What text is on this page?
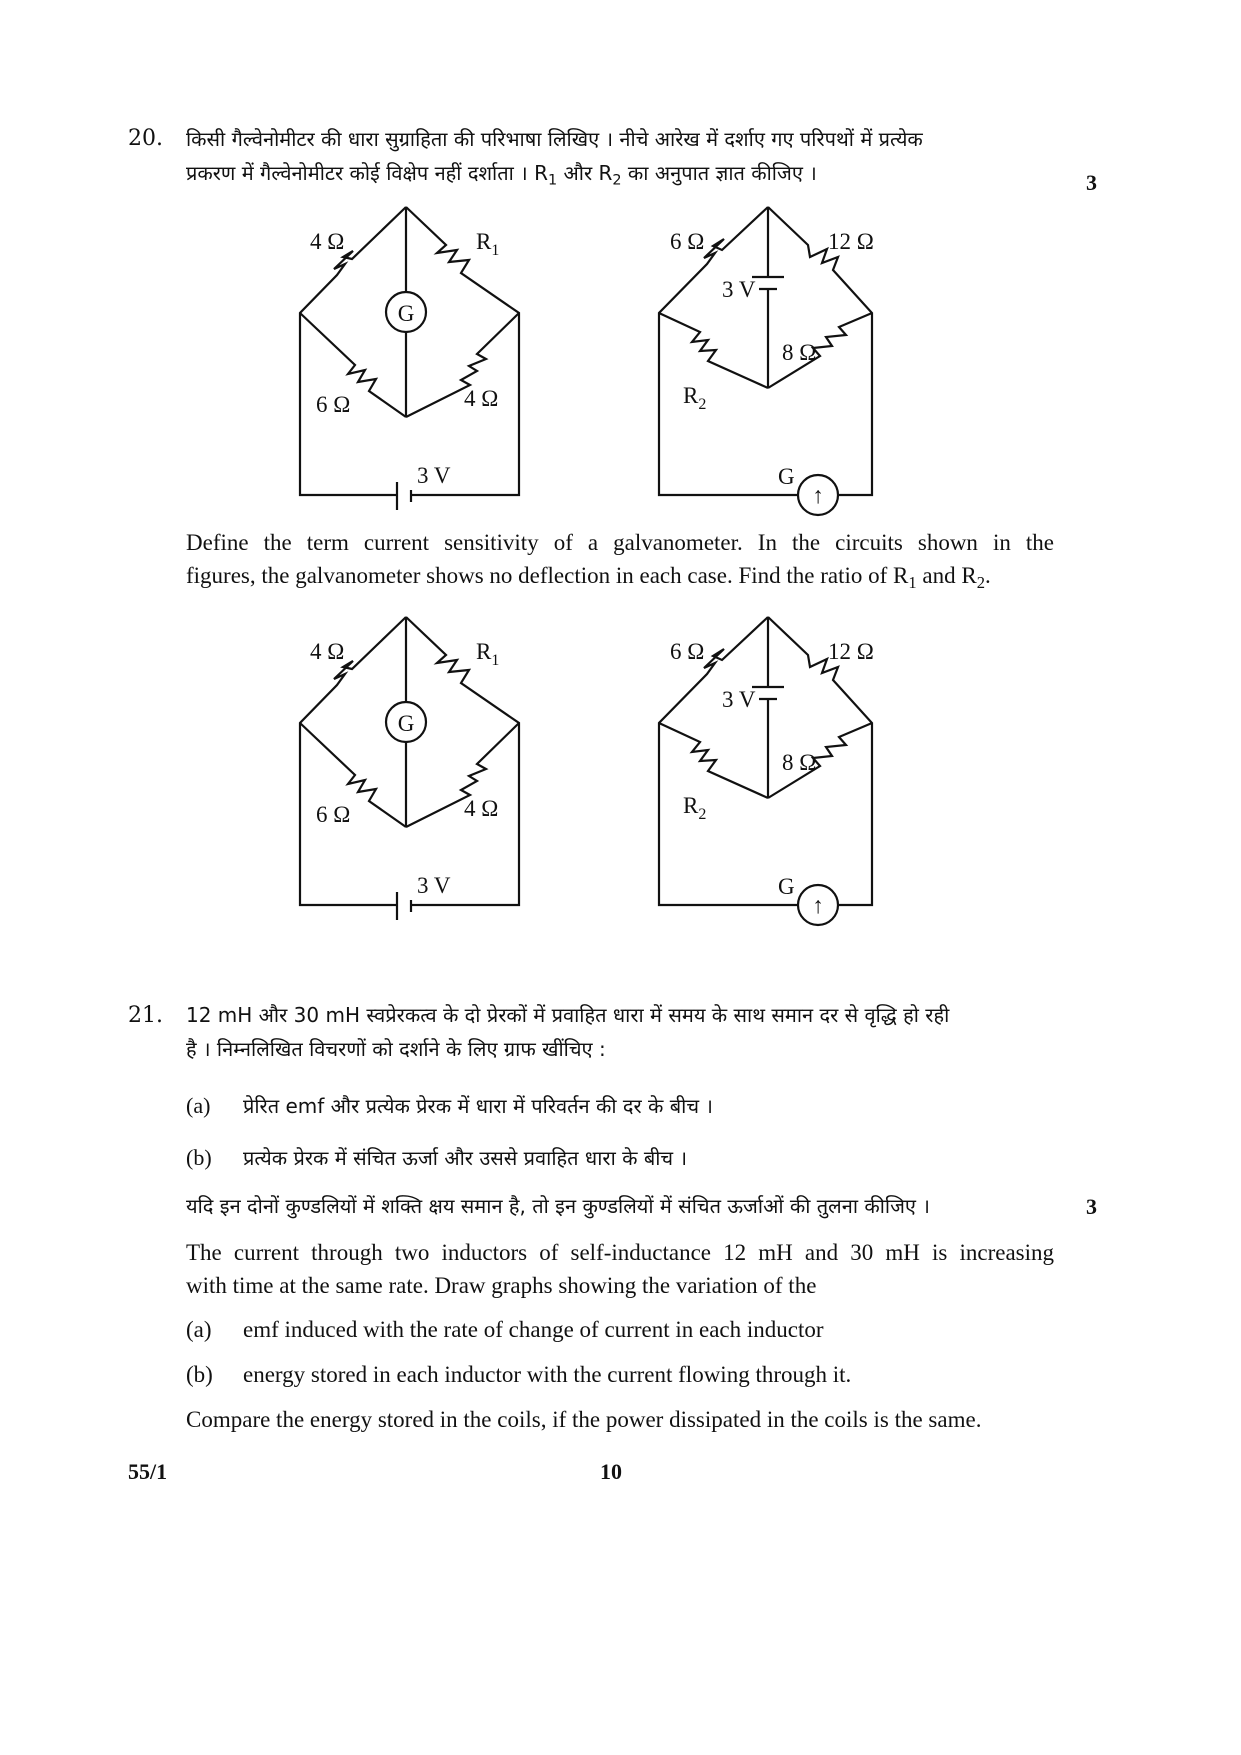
20. किसी गैल्वेनोमीटर की धारा सुग्राहिता की परिभाषा लिखिए । नीचे आरेख में दर्शाए गए परिपथों में प्रत्येक
प्रकरण में गैल्वेनोमीटर कोई विक्षेप नहीं दर्शाता । $R_1$ और $R_2$ का अनुपात ज्ञात कीजिए ।	3
G
4 Ω	$R_1$
6 Ω	4 Ω
3 V
↑
6 Ω	12 Ω
3 V
8 Ω
$R_2$
G
Define the term current sensitivity of a galvanometer. In the circuits shown in the
figures, the galvanometer shows no deflection in each case. Find the ratio of $R_1$ and $R_2$.
G
4 Ω	$R_1$
6 Ω	4 Ω
3 V
↑
6 Ω	12 Ω
3 V
8 Ω
$R_2$
G
21. 12 mH और 30 mH स्वप्रेरकत्व के दो प्रेरकों में प्रवाहित धारा में समय के साथ समान दर से वृद्धि हो रही
है । निम्नलिखित विचरणों को दर्शाने के लिए ग्राफ खींचिए :
(a) प्रेरित emf और प्रत्येक प्रेरक में धारा में परिवर्तन की दर के बीच ।
(b) प्रत्येक प्रेरक में संचित ऊर्जा और उससे प्रवाहित धारा के बीच ।
यदि इन दोनों कुण्डलियों में शक्ति क्षय समान है, तो इन कुण्डलियों में संचित ऊर्जाओं की तुलना कीजिए ।	3
The current through two inductors of self-inductance 12 mH and 30 mH is increasing
with time at the same rate. Draw graphs showing the variation of the
(a) emf induced with the rate of change of current in each inductor
(b) energy stored in each inductor with the current flowing through it.
Compare the energy stored in the coils, if the power dissipated in the coils is the same.
55/1	10
